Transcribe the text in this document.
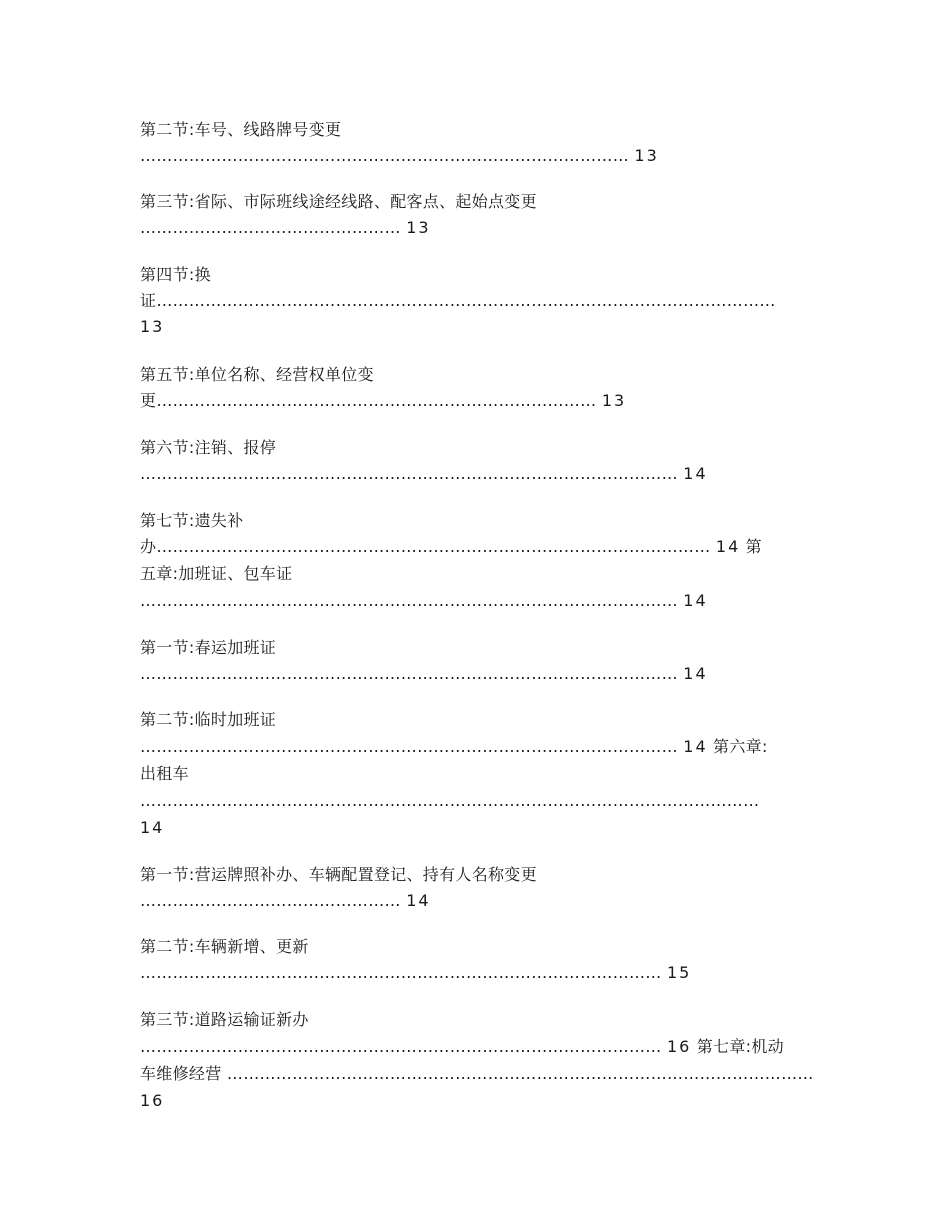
第二节:车号、线路牌号变更
……………………………………………………………………………… 13
第三节:省际、市际班线途经线路、配客点、起始点变更
………………………………………… 13
第四节:换
证……………………………………………………………………………………………………
13
第五节:单位名称、经营权单位变
更……………………………………………………………………… 13
第六节:注销、报停
……………………………………………………………………………………… 14
第七节:遗失补
办………………………………………………………………………………………… 14 第
五章:加班证、包车证
……………………………………………………………………………………… 14
第一节:春运加班证
……………………………………………………………………………………… 14
第二节:临时加班证
……………………………………………………………………………………… 14 第六章:
出租车
……………………………………………………………………………………………………
14
第一节:营运牌照补办、车辆配置登记、持有人名称变更
………………………………………… 14
第二节:车辆新增、更新
…………………………………………………………………………………… 15
第三节:道路运输证新办
…………………………………………………………………………………… 16 第七章:机动
车维修经营 ………………………………………………………………………………………………
16
